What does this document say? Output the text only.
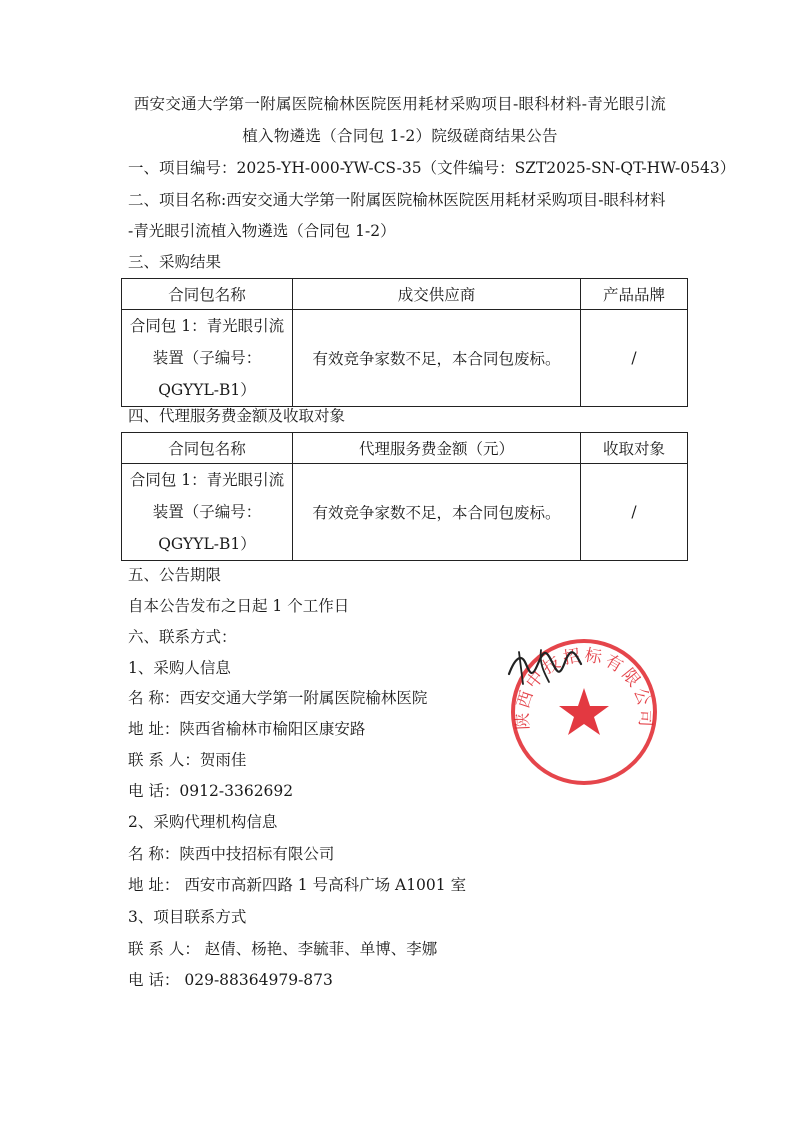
西安交通大学第一附属医院榆林医院医用耗材采购项目-眼科材料-青光眼引流
植入物遴选（合同包 1-2）院级磋商结果公告
一、项目编号：2025-YH-000-YW-CS-35（文件编号：SZT2025-SN-QT-HW-0543）
二、项目名称:西安交通大学第一附属医院榆林医院医用耗材采购项目-眼科材料
-青光眼引流植入物遴选（合同包 1-2）
三、采购结果
合同包名称	成交供应商	产品品牌

合同包 1：青光眼引流
装置（子编号：
QGYYL-B1）	有效竞争家数不足，本合同包废标。	/
四、代理服务费金额及收取对象
合同包名称	代理服务费金额（元）	收取对象

合同包 1：青光眼引流
装置（子编号：
QGYYL-B1）	有效竞争家数不足，本合同包废标。	/
五、公告期限
自本公告发布之日起 1 个工作日
六、联系方式：
1、采购人信息
名 称：西安交通大学第一附属医院榆林医院
地 址：陕西省榆林市榆阳区康安路
联 系 人：贺雨佳
电 话：0912-3362692
2、采购代理机构信息
名 称：陕西中技招标有限公司
地 址： 西安市高新四路 1 号高科广场 A1001 室
3、项目联系方式
联 系 人： 赵倩、杨艳、李毓菲、单博、李娜
电 话： 029-88364979-873
陕西中技招标有限公司
